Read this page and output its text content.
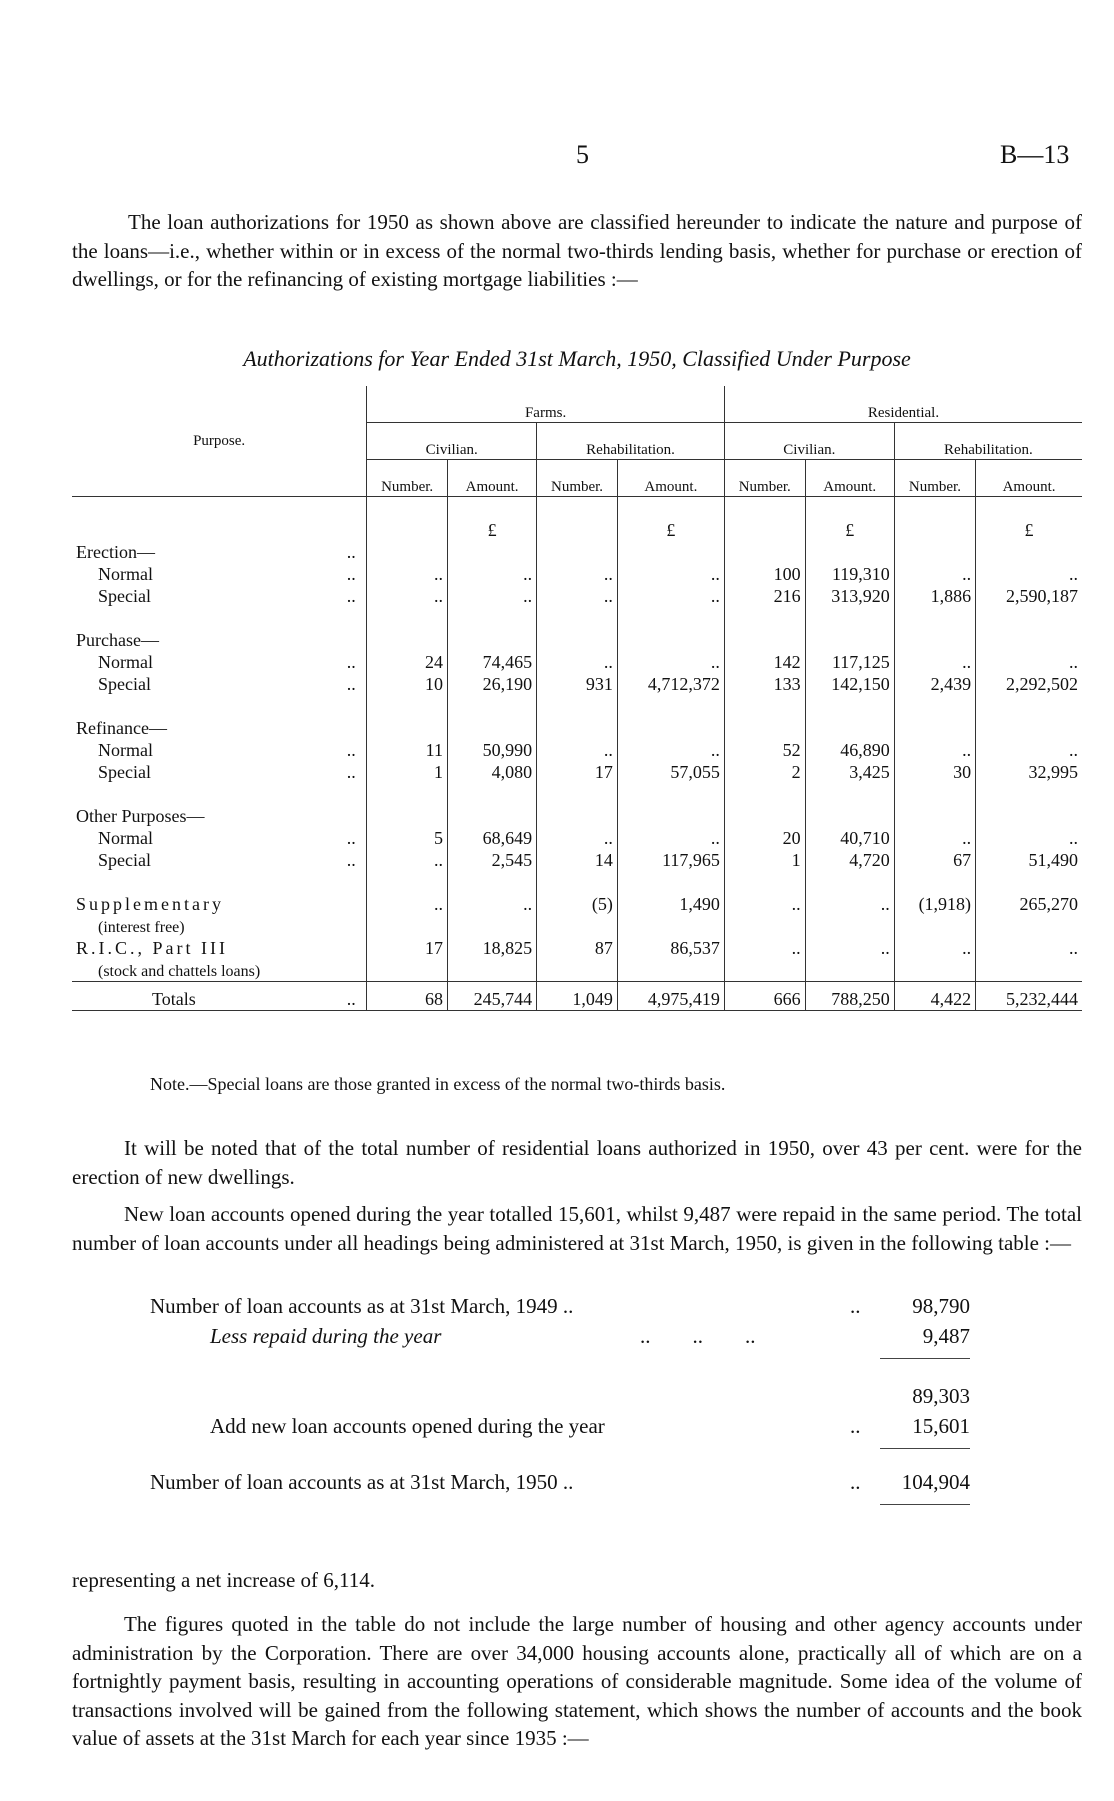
5	B—13
The loan authorizations for 1950 as shown above are classified hereunder to indicate the nature and purpose of the loans—i.e., whether within or in excess of the normal two-thirds lending basis, whether for purchase or erection of dwellings, or for the refinancing of existing mortgage liabilities :—
Authorizations for Year Ended 31st March, 1950, Classified Under Purpose
Purpose.		Farms.				Residential.			
		Civilian.		Rehabilitation.		Civilian.		Rehabilitation.	
		Number.	Amount.	Number.	Amount.	Number.	Amount.	Number.	Amount.

			£		£		£		£
Erection—	..								
Normal	..	..	..	..	..	100	119,310	..	..
Special	..	..	..	..	..	216	313,920	1,886	2,590,187

Purchase—									
Normal	..	24	74,465	..	..	142	117,125	..	..
Special	..	10	26,190	931	4,712,372	133	142,150	2,439	2,292,502

Refinance—									
Normal	..	11	50,990	..	..	52	46,890	..	..
Special	..	1	4,080	17	57,055	2	3,425	30	32,995

Other Purposes—									
Normal	..	5	68,649	..	..	20	40,710	..	..
Special	..	..	2,545	14	117,965	1	4,720	67	51,490

Supplementary		..	..	(5)	1,490	..	..	(1,918)	265,270
(interest free)									
R.I.C., Part III		17	18,825	87	86,537	..	..	..	..
(stock and chattels loans)									
Totals	..	68	245,744	1,049	4,975,419	666	788,250	4,422	5,232,444
Note.—Special loans are those granted in excess of the normal two-thirds basis.
It will be noted that of the total number of residential loans authorized in 1950, over 43 per cent. were for the erection of new dwellings.
New loan accounts opened during the year totalled 15,601, whilst 9,487 were repaid in the same period. The total number of loan accounts under all headings being administered at 31st March, 1950, is given in the following table :—
Number of loan accounts as at 31st March, 1949 ..	.. 98,790
Less repaid during the year	..        ..        ..	9,487
89,303
Add new loan accounts opened during the year	.. 15,601
Number of loan accounts as at 31st March, 1950 ..	.. 104,904
representing a net increase of 6,114.
The figures quoted in the table do not include the large number of housing and other agency accounts under administration by the Corporation. There are over 34,000 housing accounts alone, practically all of which are on a fortnightly payment basis, resulting in accounting operations of considerable magnitude. Some idea of the volume of transactions involved will be gained from the following statement, which shows the number of accounts and the book value of assets at the 31st March for each year since 1935 :—
